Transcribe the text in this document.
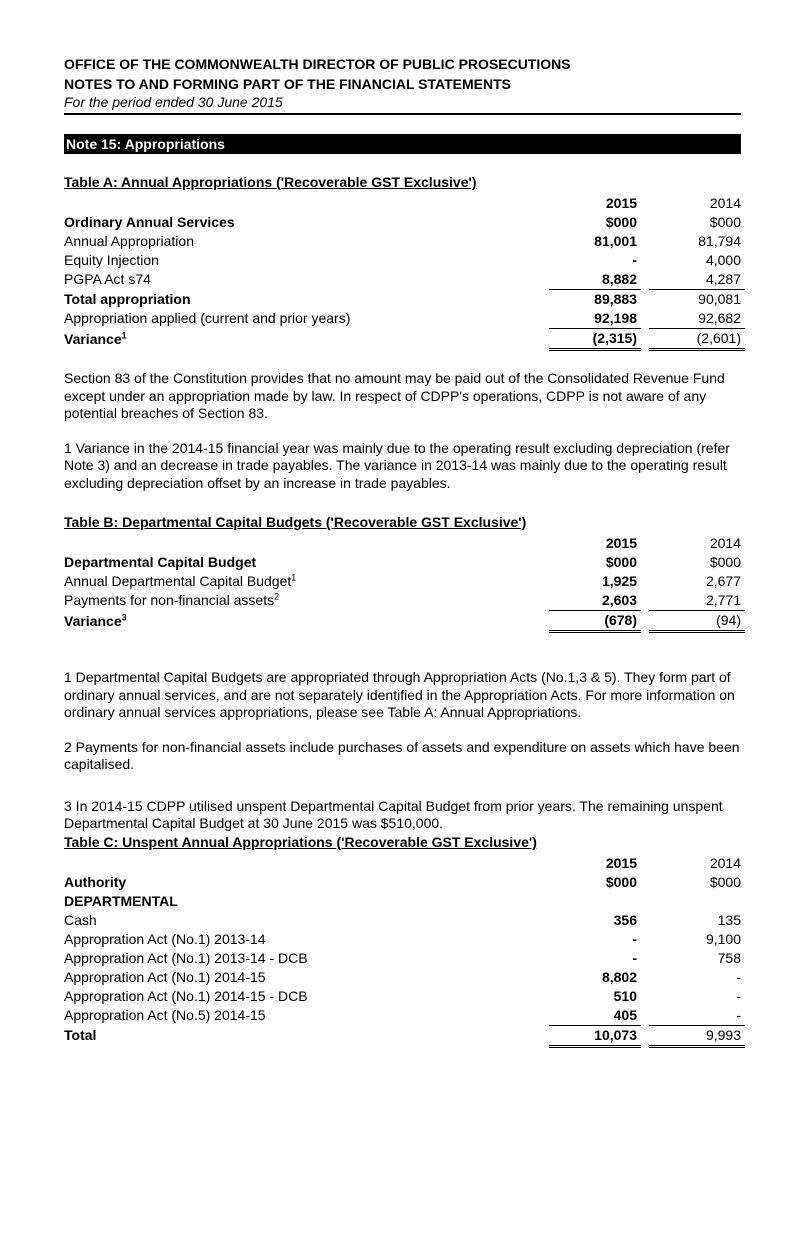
OFFICE OF THE COMMONWEALTH DIRECTOR OF PUBLIC PROSECUTIONS
NOTES TO AND FORMING PART OF THE FINANCIAL STATEMENTS
For the period ended 30 June 2015
Note 15: Appropriations
Table A: Annual Appropriations ('Recoverable GST Exclusive')
	2015		2014
Ordinary Annual Services	$000		$000
Annual Appropriation	81,001		81,794
Equity Injection	-		4,000
PGPA Act s74	8,882		4,287
Total appropriation	89,883		90,081
Appropriation applied (current and prior years)	92,198		92,682
Variance$^1$	(2,315)		(2,601)

Section 83 of the Constitution provides that no amount may be paid out of the Consolidated Revenue Fund except under an appropriation made by law. In respect of CDPP's operations, CDPP is not aware of any potential breaches of Section 83.

1 Variance in the 2014-15 financial year was mainly due to the operating result excluding depreciation (refer Note 3) and an decrease in trade payables. The variance in 2013-14 was mainly due to the operating result excluding depreciation offset by an increase in trade payables.

Table B: Departmental Capital Budgets ('Recoverable GST Exclusive')
	2015		2014
Departmental Capital Budget	$000		$000
Annual Departmental Capital Budget$^1$	1,925		2,677
Payments for non-financial assets$^2$	2,603		2,771
Variance$^3$	(678)		(94)

1 Departmental Capital Budgets are appropriated through Appropriation Acts (No.1,3 & 5). They form part of ordinary annual services, and are not separately identified in the Appropriation Acts. For more information on ordinary annual services appropriations, please see Table A: Annual Appropriations.

2 Payments for non-financial assets include purchases of assets and expenditure on assets which have been capitalised.

3 In 2014-15 CDPP utilised unspent Departmental Capital Budget from prior years. The remaining unspent Departmental Capital Budget at 30 June 2015 was $510,000.

Table C: Unspent Annual Appropriations ('Recoverable GST Exclusive')
	2015		2014
Authority	$000		$000
DEPARTMENTAL			
Cash	356		135
Appropration Act (No.1) 2013-14	-		9,100
Appropration Act (No.1) 2013-14 - DCB	-		758
Appropration Act (No.1) 2014-15	8,802		-
Appropration Act (No.1) 2014-15 - DCB	510		-
Appropration Act (No.5) 2014-15	405		-
Total	10,073		9,993
